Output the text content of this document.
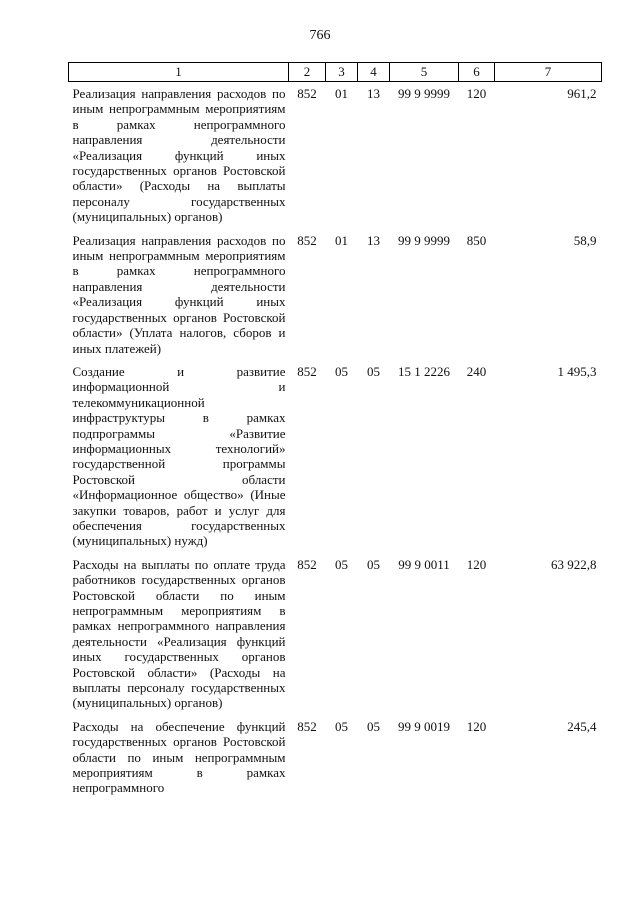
766
1	2	3	4	5	6	7
Реализация направления расходов по иным непрограммным мероприятиям в рамках непрограммного направления деятельности «Реализация функций иных государственных органов Ростовской области» (Расходы на выплаты персоналу государственных (муниципальных) органов)	852	01	13	99 9 9999	120	961,2
Реализация направления расходов по иным непрограммным мероприятиям в рамках непрограммного направления деятельности «Реализация функций иных государственных органов Ростовской области» (Уплата налогов, сборов и иных платежей)	852	01	13	99 9 9999	850	58,9
Создание и развитие информационной и телекоммуникационной инфраструктуры в рамках подпрограммы «Развитие информационных технологий» государственной программы Ростовской области «Информационное общество» (Иные закупки товаров, работ и услуг для обеспечения государственных (муниципальных) нужд)	852	05	05	15 1 2226	240	1 495,3
Расходы на выплаты по оплате труда работников государственных органов Ростовской области по иным непрограммным мероприятиям в рамках непрограммного направления деятельности «Реализация функций иных государственных органов Ростовской области» (Расходы на выплаты персоналу государственных (муниципальных) органов)	852	05	05	99 9 0011	120	63 922,8
Расходы на обеспечение функций государственных органов Ростовской области по иным непрограммным мероприятиям в рамках непрограммного	852	05	05	99 9 0019	120	245,4
